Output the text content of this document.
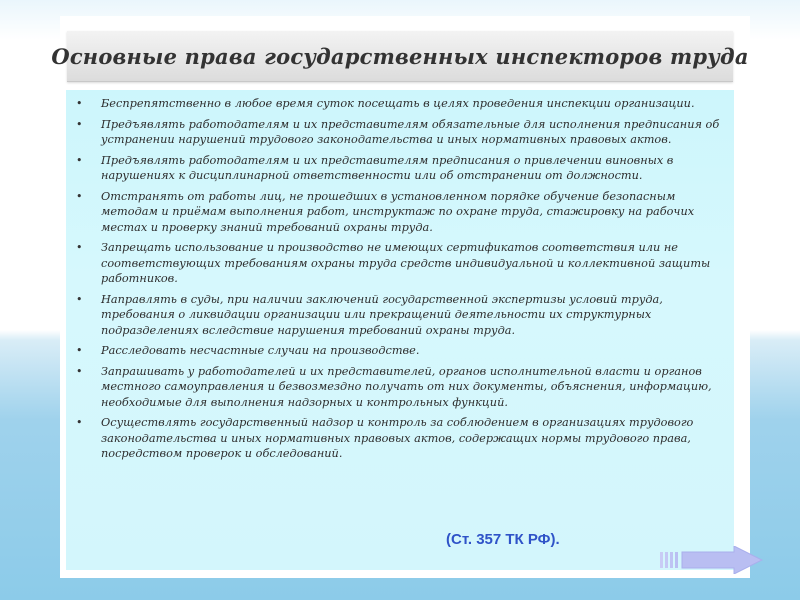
Основные права государственных инспекторов труда
• Беспрепятственно в любое время суток посещать в целях проведения инспекции организации.
• Предъявлять работодателям и их представителям обязательные для исполнения предписания об устранении нарушений трудового законодательства и иных нормативных правовых актов.
• Предъявлять работодателям и их представителям предписания о привлечении виновных в нарушениях к дисциплинарной ответственности или об отстранении от должности.
• Отстранять от работы лиц, не прошедших в установленном порядке обучение безопасным методам и приёмам выполнения работ, инструктаж по охране труда, стажировку на рабочих местах и проверку знаний требований охраны труда.
• Запрещать использование и производство не имеющих сертификатов соответствия или не соответствующих требованиям охраны труда средств индивидуальной и коллективной защиты работников.
• Направлять в суды, при наличии заключений государственной экспертизы условий труда, требования о ликвидации организации или прекращений деятельности их структурных подразделениях вследствие нарушения требований охраны труда.
• Расследовать несчастные случаи на производстве.
• Запрашивать у работодателей и их представителей, органов исполнительной власти и органов местного самоуправления и безвозмездно получать от них документы, объяснения, информацию, необходимые для выполнения надзорных и контрольных функций.
• Осуществлять государственный надзор и контроль за соблюдением в организациях трудового законодательства и иных нормативных правовых актов, содержащих нормы трудового права, посредством проверок и обследований.
(Ст. 357 ТК РФ).
